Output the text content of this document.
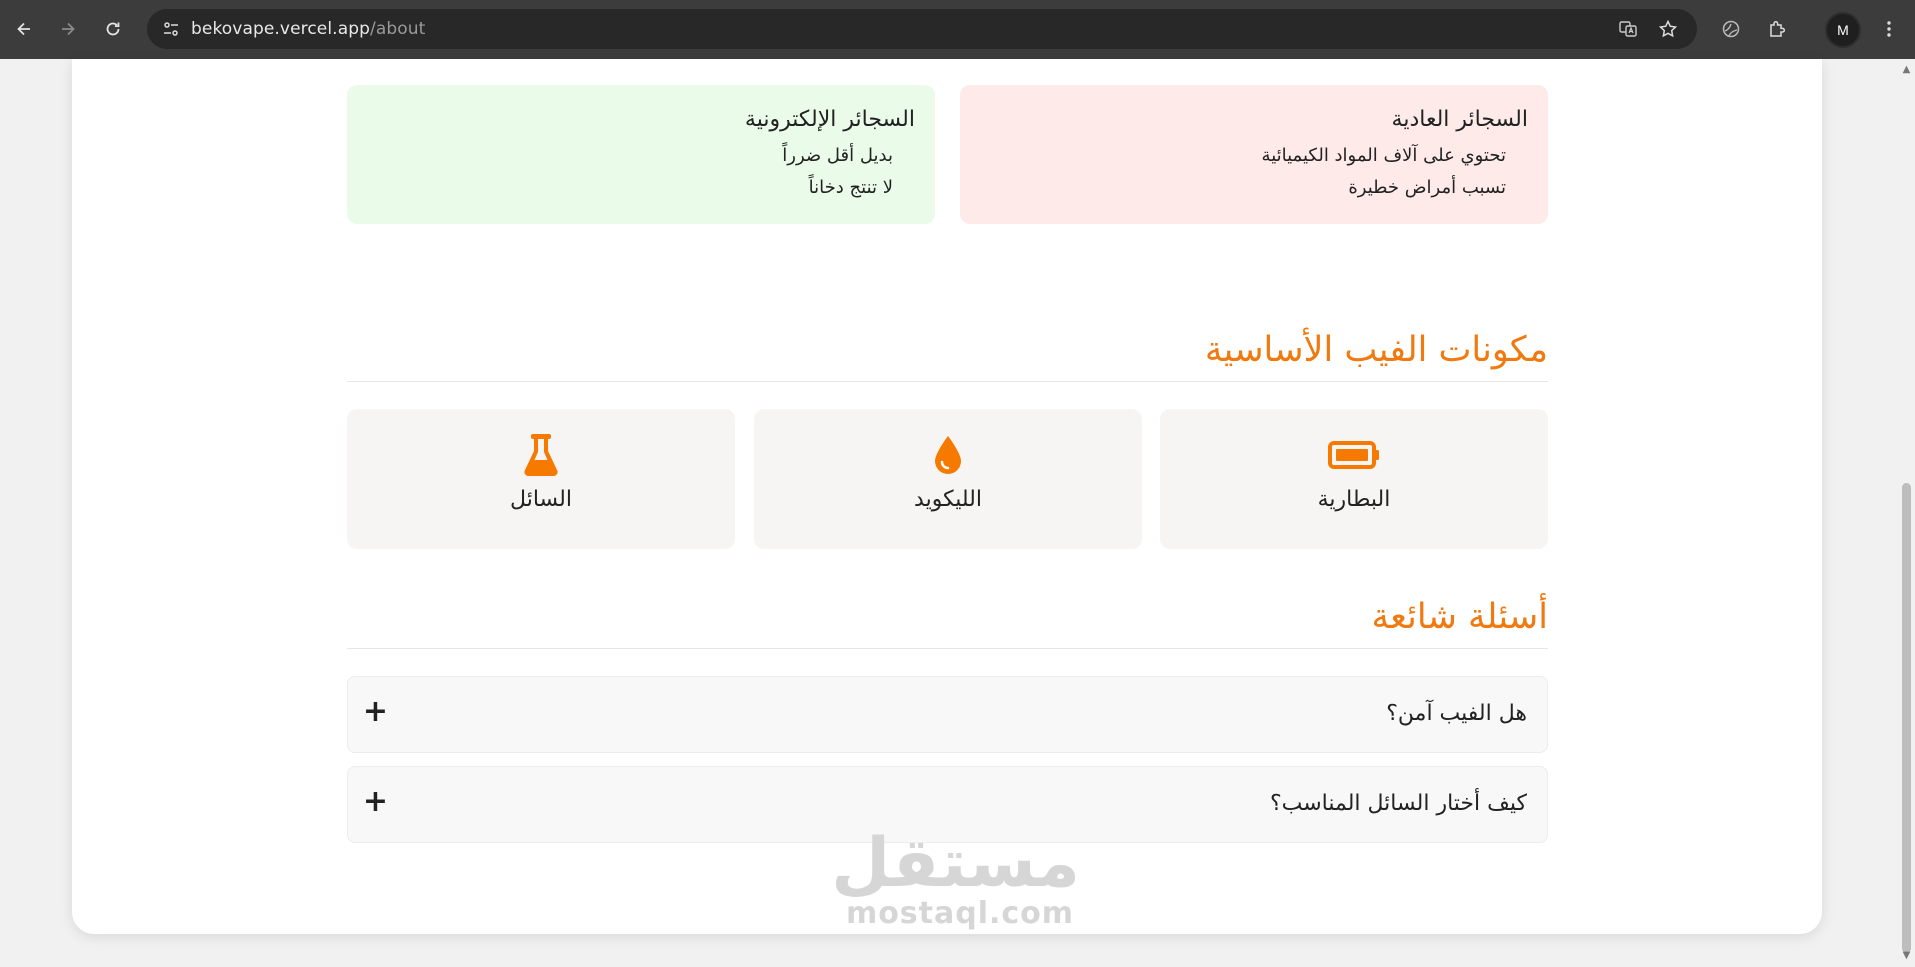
bekovape.vercel.app/about	M
السجائر العادية
تحتوي على آلاف المواد الكيميائية
تسبب أمراض خطيرة
السجائر الإلكترونية
بديل أقل ضرراً
لا تنتج دخاناً
مكونات الفيب الأساسية
البطارية
الليكويد
السائل
أسئلة شائعة
هل الفيب آمن؟
+
كيف أختار السائل المناسب؟
+
مستقل
mostaql.com
▲
▼
